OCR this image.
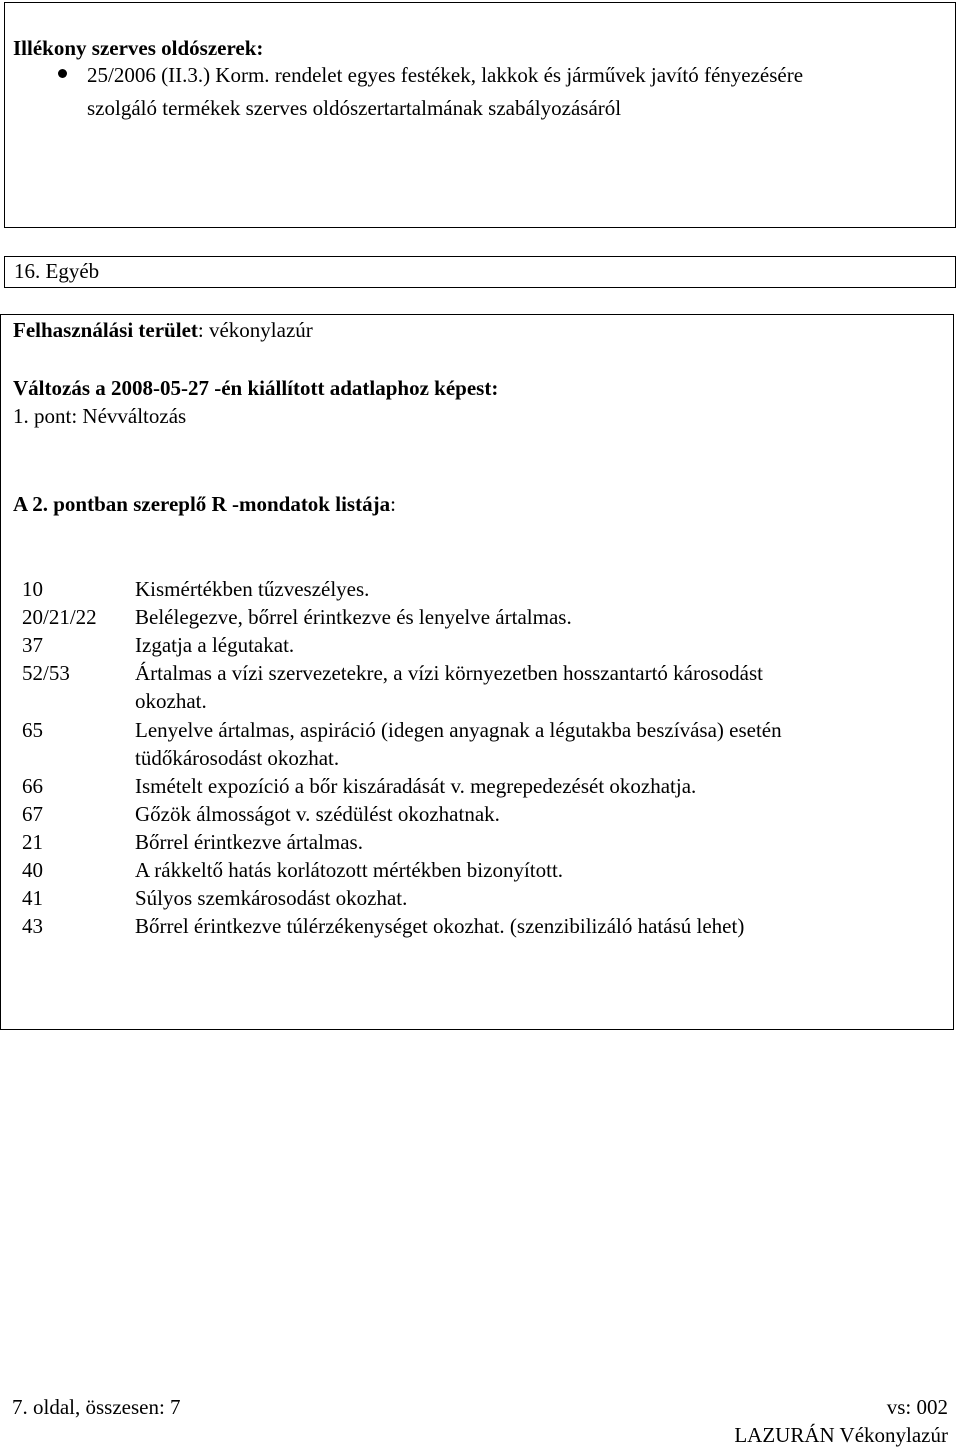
Illékony szerves oldószerek:
25/2006 (II.3.) Korm. rendelet egyes festékek, lakkok és járművek javító fényezésére
szolgáló termékek szerves oldószertartalmának szabályozásáról
16. Egyéb
Felhasználási terület: vékonylazúr
Változás a 2008-05-27 -én kiállított adatlaphoz képest:
1. pont: Névváltozás
A 2. pontban szereplő R -mondatok listája:
10	Kismértékben tűzveszélyes.
20/21/22 Belélegezve, bőrrel érintkezve és lenyelve ártalmas.
37	Izgatja a légutakat.
52/53	Ártalmas a vízi szervezetekre, a vízi környezetben hosszantartó károsodást
okozhat.
65	Lenyelve ártalmas, aspiráció (idegen anyagnak a légutakba beszívása) esetén
tüdőkárosodást okozhat.
66	Ismételt expozíció a bőr kiszáradását v. megrepedezését okozhatja.
67	Gőzök álmosságot v. szédülést okozhatnak.
21	Bőrrel érintkezve ártalmas.
40	A rákkeltő hatás korlátozott mértékben bizonyított.
41	Súlyos szemkárosodást okozhat.
43	Bőrrel érintkezve túlérzékenységet okozhat. (szenzibilizáló hatású lehet)
7. oldal, összesen: 7	vs: 002
LAZURÁN Vékonylazúr
